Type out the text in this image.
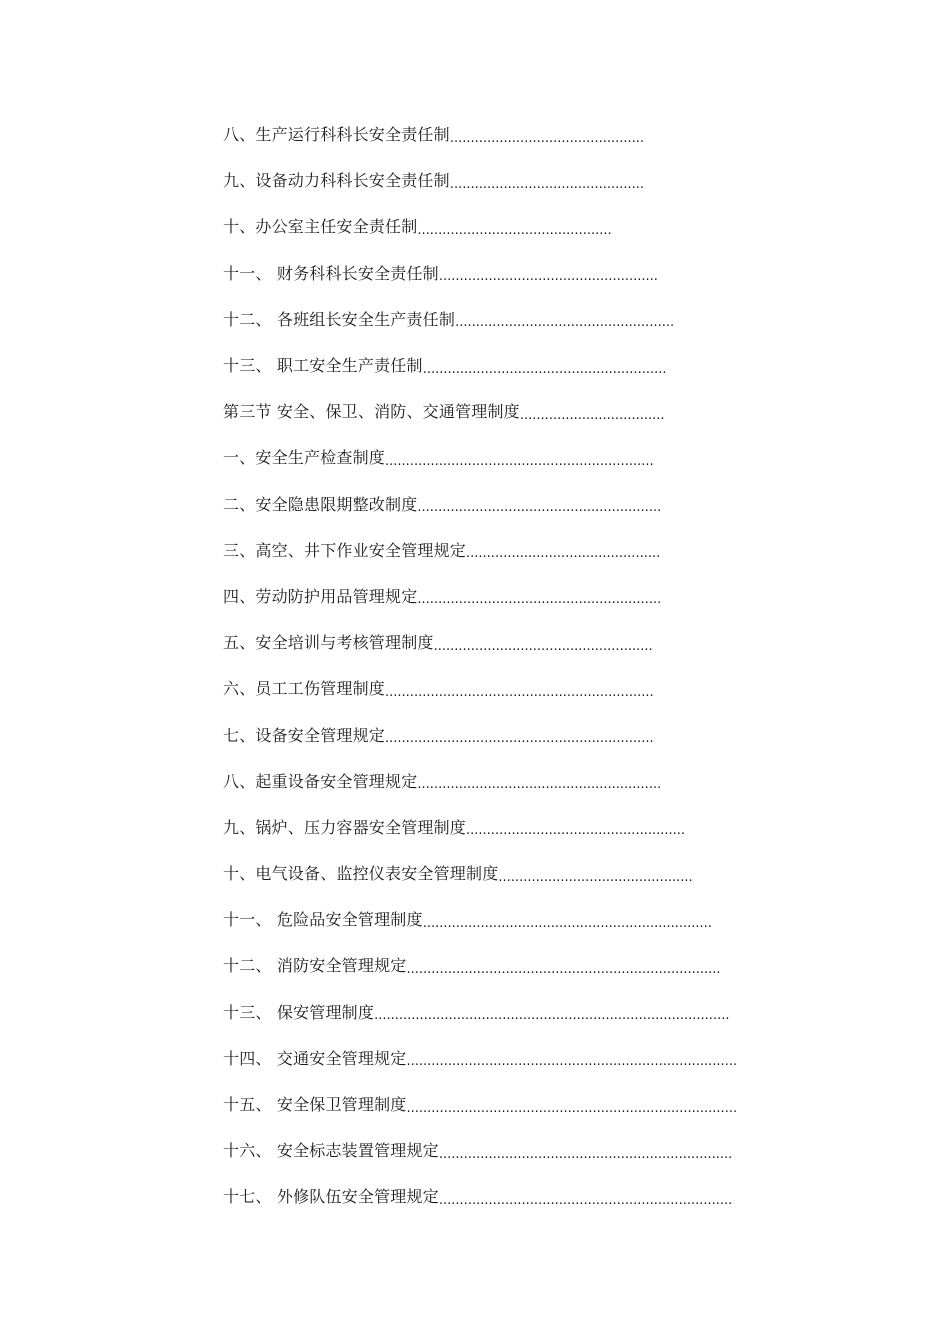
八、生产运行科科长安全责任制 ...............................................
九、设备动力科科长安全责任制 ...............................................
十、办公室主任安全责任制 ...............................................
十一、 财务科科长安全责任制 .....................................................
十二、 各班组长安全生产责任制 .....................................................
十三、 职工安全生产责任制 ...........................................................
第三节 安全、保卫、消防、交通管理制度 ...................................
一、安全生产检查制度 .................................................................
二、安全隐患限期整改制度 ...........................................................
三、高空、井下作业安全管理规定 ...............................................
四、劳动防护用品管理规定 ...........................................................
五、安全培训与考核管理制度 .....................................................
六、员工工伤管理制度 .................................................................
七、设备安全管理规定 .................................................................
八、起重设备安全管理规定 ...........................................................
九、锅炉、压力容器安全管理制度 .....................................................
十、电气设备、监控仪表安全管理制度 ...............................................
十一、 危险品安全管理制度 ......................................................................
十二、 消防安全管理规定 ............................................................................
十三、 保安管理制度 ......................................................................................
十四、 交通安全管理规定 ................................................................................
十五、 安全保卫管理制度 ................................................................................
十六、 安全标志装置管理规定 .......................................................................
十七、 外修队伍安全管理规定 .......................................................................
